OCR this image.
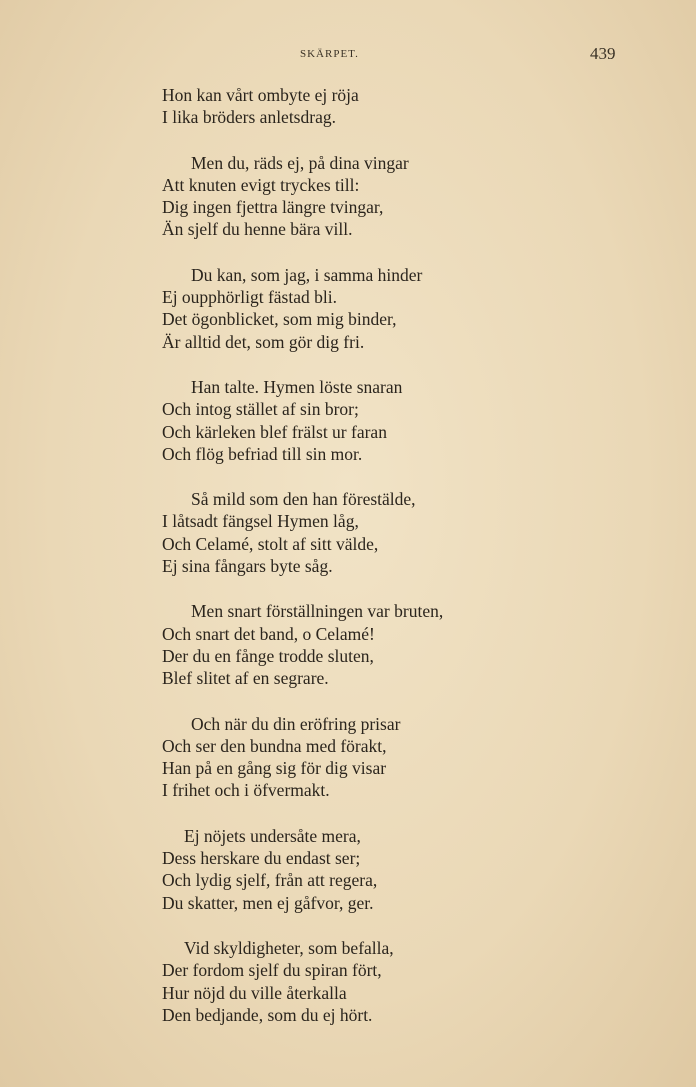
SKÄRPET.	439
Hon kan vårt ombyte ej röja
I lika bröders anletsdrag.
Men du, räds ej, på dina vingar
Att knuten evigt tryckes till:
Dig ingen fjettra längre tvingar,
Än sjelf du henne bära vill.
Du kan, som jag, i samma hinder
Ej oupphörligt fästad bli.
Det ögonblicket, som mig binder,
Är alltid det, som gör dig fri.
Han talte. Hymen löste snaran
Och intog stället af sin bror;
Och kärleken blef frälst ur faran
Och flög befriad till sin mor.
Så mild som den han förestälde,
I låtsadt fängsel Hymen låg,
Och Celamé, stolt af sitt välde,
Ej sina fångars byte såg.
Men snart förställningen var bruten,
Och snart det band, o Celamé!
Der du en fånge trodde sluten,
Blef slitet af en segrare.
Och när du din eröfring prisar
Och ser den bundna med förakt,
Han på en gång sig för dig visar
I frihet och i öfvermakt.
Ej nöjets undersåte mera,
Dess herskare du endast ser;
Och lydig sjelf, från att regera,
Du skatter, men ej gåfvor, ger.
Vid skyldigheter, som befalla,
Der fordom sjelf du spiran fört,
Hur nöjd du ville återkalla
Den bedjande, som du ej hört.
